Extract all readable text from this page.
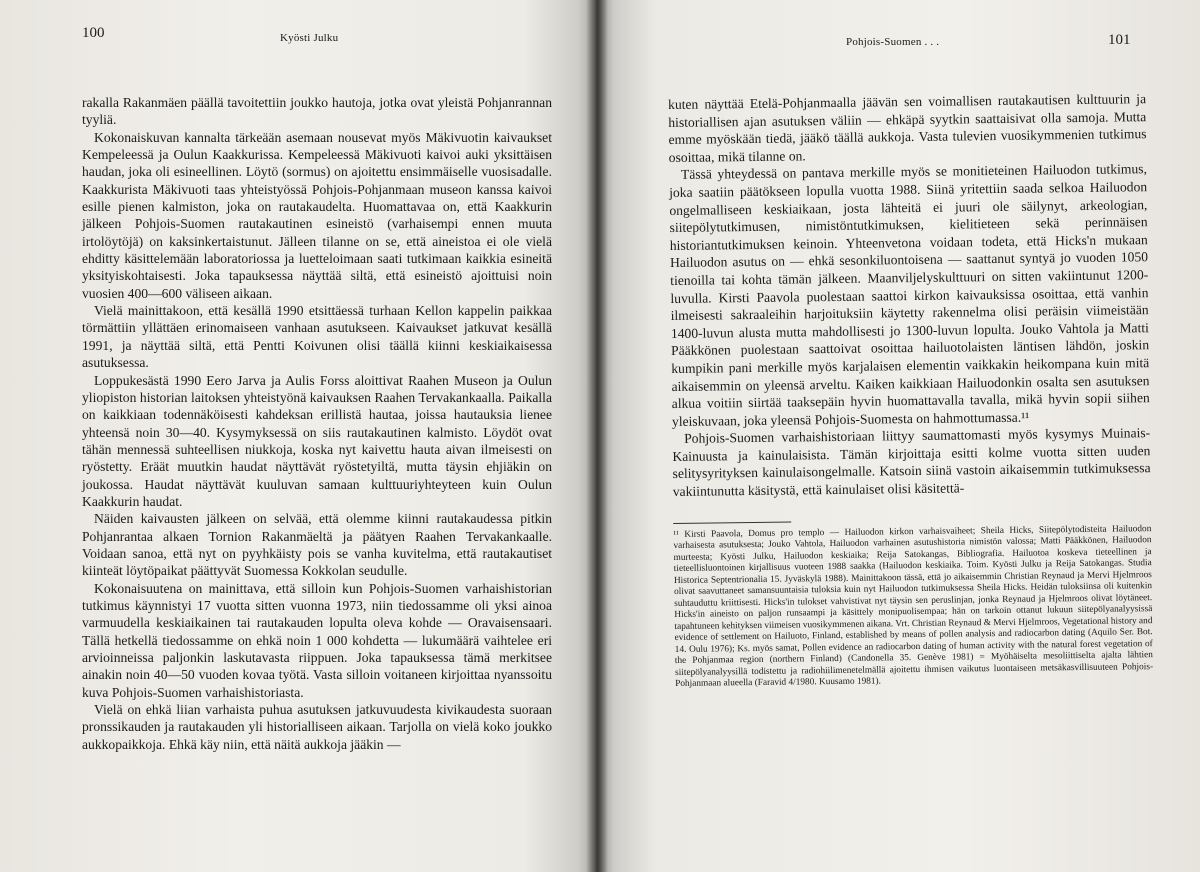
100	Kyösti Julku

rakalla Rakanmäen päällä tavoitettiin joukko hautoja, jotka ovat yleistä Pohjanrannan tyyliä.

Kokonaiskuvan kannalta tärkeään asemaan nousevat myös Mäkivuotin kaivaukset Kempeleessä ja Oulun Kaakkurissa. Kempeleessä Mäkivuoti kaivoi auki yksittäisen haudan, joka oli esineellinen. Löytö (sormus) on ajoitettu ensimmäiselle vuosisadalle. Kaakkurista Mäkivuoti taas yhteistyössä Pohjois-Pohjanmaan museon kanssa kaivoi esille pienen kalmiston, joka on rautakaudelta. Huomattavaa on, että Kaakkurin jälkeen Pohjois-Suomen rautakautinen esineistö (varhaisempi ennen muuta irtolöytöjä) on kaksinkertaistunut. Jälleen tilanne on se, että aineistoa ei ole vielä ehditty käsittelemään laboratoriossa ja luetteloimaan saati tutkimaan kaikkia esineitä yksityiskohtaisesti. Joka tapauksessa näyttää siltä, että esineistö ajoittuisi noin vuosien 400—600 väliseen aikaan.

Vielä mainittakoon, että kesällä 1990 etsittäessä turhaan Kellon kappelin paikkaa törmättiin yllättäen erinomaiseen vanhaan asutukseen. Kaivaukset jatkuvat kesällä 1991, ja näyttää siltä, että Pentti Koivunen olisi täällä kiinni keskiaikaisessa asutuksessa.

Loppukesästä 1990 Eero Jarva ja Aulis Forss aloittivat Raahen Museon ja Oulun yliopiston historian laitoksen yhteistyönä kaivauksen Raahen Tervakankaalla. Paikalla on kaikkiaan todennäköisesti kahdeksan erillistä hautaa, joissa hautauksia lienee yhteensä noin 30—40. Kysymyksessä on siis rautakautinen kalmisto. Löydöt ovat tähän mennessä suhteellisen niukkoja, koska nyt kaivettu hauta aivan ilmeisesti on ryöstetty. Eräät muutkin haudat näyttävät ryöstetyiltä, mutta täysin ehjiäkin on joukossa. Haudat näyttävät kuuluvan samaan kulttuuriyhteyteen kuin Oulun Kaakkurin haudat.

Näiden kaivausten jälkeen on selvää, että olemme kiinni rautakaudessa pitkin Pohjanrantaa alkaen Tornion Rakanmäeltä ja päätyen Raahen Tervakankaalle. Voidaan sanoa, että nyt on pyyhkäisty pois se vanha kuvitelma, että rautakautiset kiinteät löytöpaikat päättyvät Suomessa Kokkolan seudulle.

Kokonaisuutena on mainittava, että silloin kun Pohjois-Suomen varhaishistorian tutkimus käynnistyi 17 vuotta sitten vuonna 1973, niin tiedossamme oli yksi ainoa varmuudella keskiaikainen tai rautakauden lopulta oleva kohde — Oravaisensaari. Tällä hetkellä tiedossamme on ehkä noin 1 000 kohdetta — lukumäärä vaihtelee eri arvioinneissa paljonkin laskutavasta riippuen. Joka tapauksessa tämä merkitsee ainakin noin 40—50 vuoden kovaa työtä. Vasta silloin voitaneen kirjoittaa nyanssoitu kuva Pohjois-Suomen varhaishistoriasta.

Vielä on ehkä liian varhaista puhua asutuksen jatkuvuudesta kivikaudesta suoraan pronssikauden ja rautakauden yli historialliseen aikaan. Tarjolla on vielä koko joukko aukkopaikkoja. Ehkä käy niin, että näitä aukkoja jääkin —

Pohjois-Suomen . . .	101

kuten näyttää Etelä-Pohjanmaalla jäävän sen voimallisen rautakautisen kulttuurin ja historiallisen ajan asutuksen väliin — ehkäpä syytkin saattaisivat olla samoja. Mutta emme myöskään tiedä, jääkö täällä aukkoja. Vasta tulevien vuosikymmenien tutkimus osoittaa, mikä tilanne on.

Tässä yhteydessä on pantava merkille myös se monitieteinen Hailuodon tutkimus, joka saatiin päätökseen lopulla vuotta 1988. Siinä yritettiin saada selkoa Hailuodon ongelmalliseen keskiaikaan, josta lähteitä ei juuri ole säilynyt, arkeologian, siitepölytutkimusen, nimistöntutkimuksen, kielitieteen sekä perinnäisen historiantutkimuksen keinoin. Yhteenvetona voidaan todeta, että Hicks'n mukaan Hailuodon asutus on — ehkä sesonkiluontoisena — saattanut syntyä jo vuoden 1050 tienoilla tai kohta tämän jälkeen. Maanviljelyskulttuuri on sitten vakiintunut 1200-luvulla. Kirsti Paavola puolestaan saattoi kirkon kaivauksissa osoittaa, että vanhin ilmeisesti sakraaleihin harjoituksiin käytetty rakennelma olisi peräisin viimeistään 1400-luvun alusta mutta mahdollisesti jo 1300-luvun lopulta. Jouko Vahtola ja Matti Pääkkönen puolestaan saattoivat osoittaa hailuotolaisten läntisen lähdön, joskin kumpikin pani merkille myös karjalaisen elementin vaikkakin heikompana kuin mitä aikaisemmin on yleensä arveltu. Kaiken kaikkiaan Hailuodonkin osalta sen asutuksen alkua voitiin siirtää taaksepäin hyvin huomattavalla tavalla, mikä hyvin sopii siihen yleiskuvaan, joka yleensä Pohjois-Suomesta on hahmottumassa.¹¹

Pohjois-Suomen varhaishistoriaan liittyy saumattomasti myös kysymys Muinais-Kainuusta ja kainulaisista. Tämän kirjoittaja esitti kolme vuotta sitten uuden selitysyrityksen kainulaisongelmalle. Katsoin siinä vastoin aikaisemmin tutkimuksessa vakiintunutta käsitystä, että kainulaiset olisi käsitettä-

¹¹ Kirsti Paavola, Domus pro templo — Hailuodon kirkon varhaisvaiheet; Sheila Hicks, Siitepölytodisteita Hailuodon varhaisesta asutuksesta; Jouko Vahtola, Hailuodon varhainen asutushistoria nimistön valossa; Matti Pääkkönen, Hailuodon murteesta; Kyösti Julku, Hailuodon keskiaika; Reija Satokangas, Bibliografia. Hailuotoa koskeva tieteellinen ja tieteellisluontoinen kirjallisuus vuoteen 1988 saakka (Hailuodon keskiaika. Toim. Kyösti Julku ja Reija Satokangas. Studia Historica Septentrionalia 15. Jyväskylä 1988). Mainittakoon tässä, että jo aikaisemmin Christian Reynaud ja Mervi Hjelmroos olivat saavuttaneet samansuuntaisia tuloksia kuin nyt Hailuodon tutkimuksessa Sheila Hicks. Heidän tuloksiinsa oli kuitenkin suhtauduttu kriittisesti. Hicks'in tulokset vahvistivat nyt täysin sen peruslinjan, jonka Reynaud ja Hjelmroos olivat löytäneet. Hicks'in aineisto on paljon runsaampi ja käsittely monipuolisempaa; hän on tarkoin ottanut lukuun siitepölyanalyysissä tapahtuneen kehityksen viimeisen vuosikymmenen aikana. Vrt. Christian Reynaud & Mervi Hjelmroos, Vegetational history and evidence of settlement on Hailuoto, Finland, established by means of pollen analysis and radiocarbon dating (Aquilo Ser. Bot. 14. Oulu 1976); Ks. myös samat, Pollen evidence an radiocarbon dating of human activity with the natural forest vegetation of the Pohjanmaa region (northern Finland) (Candonella 35. Genève 1981) = Myöhäiselta mesoliittiselta ajalta lähtien siitepölyanalyysillä todistettu ja radiohiilimenetelmällä ajoitettu ihmisen vaikutus luontaiseen metsäkasvillisuuteen Pohjois-Pohjanmaan alueella (Faravid 4/1980. Kuusamo 1981).
